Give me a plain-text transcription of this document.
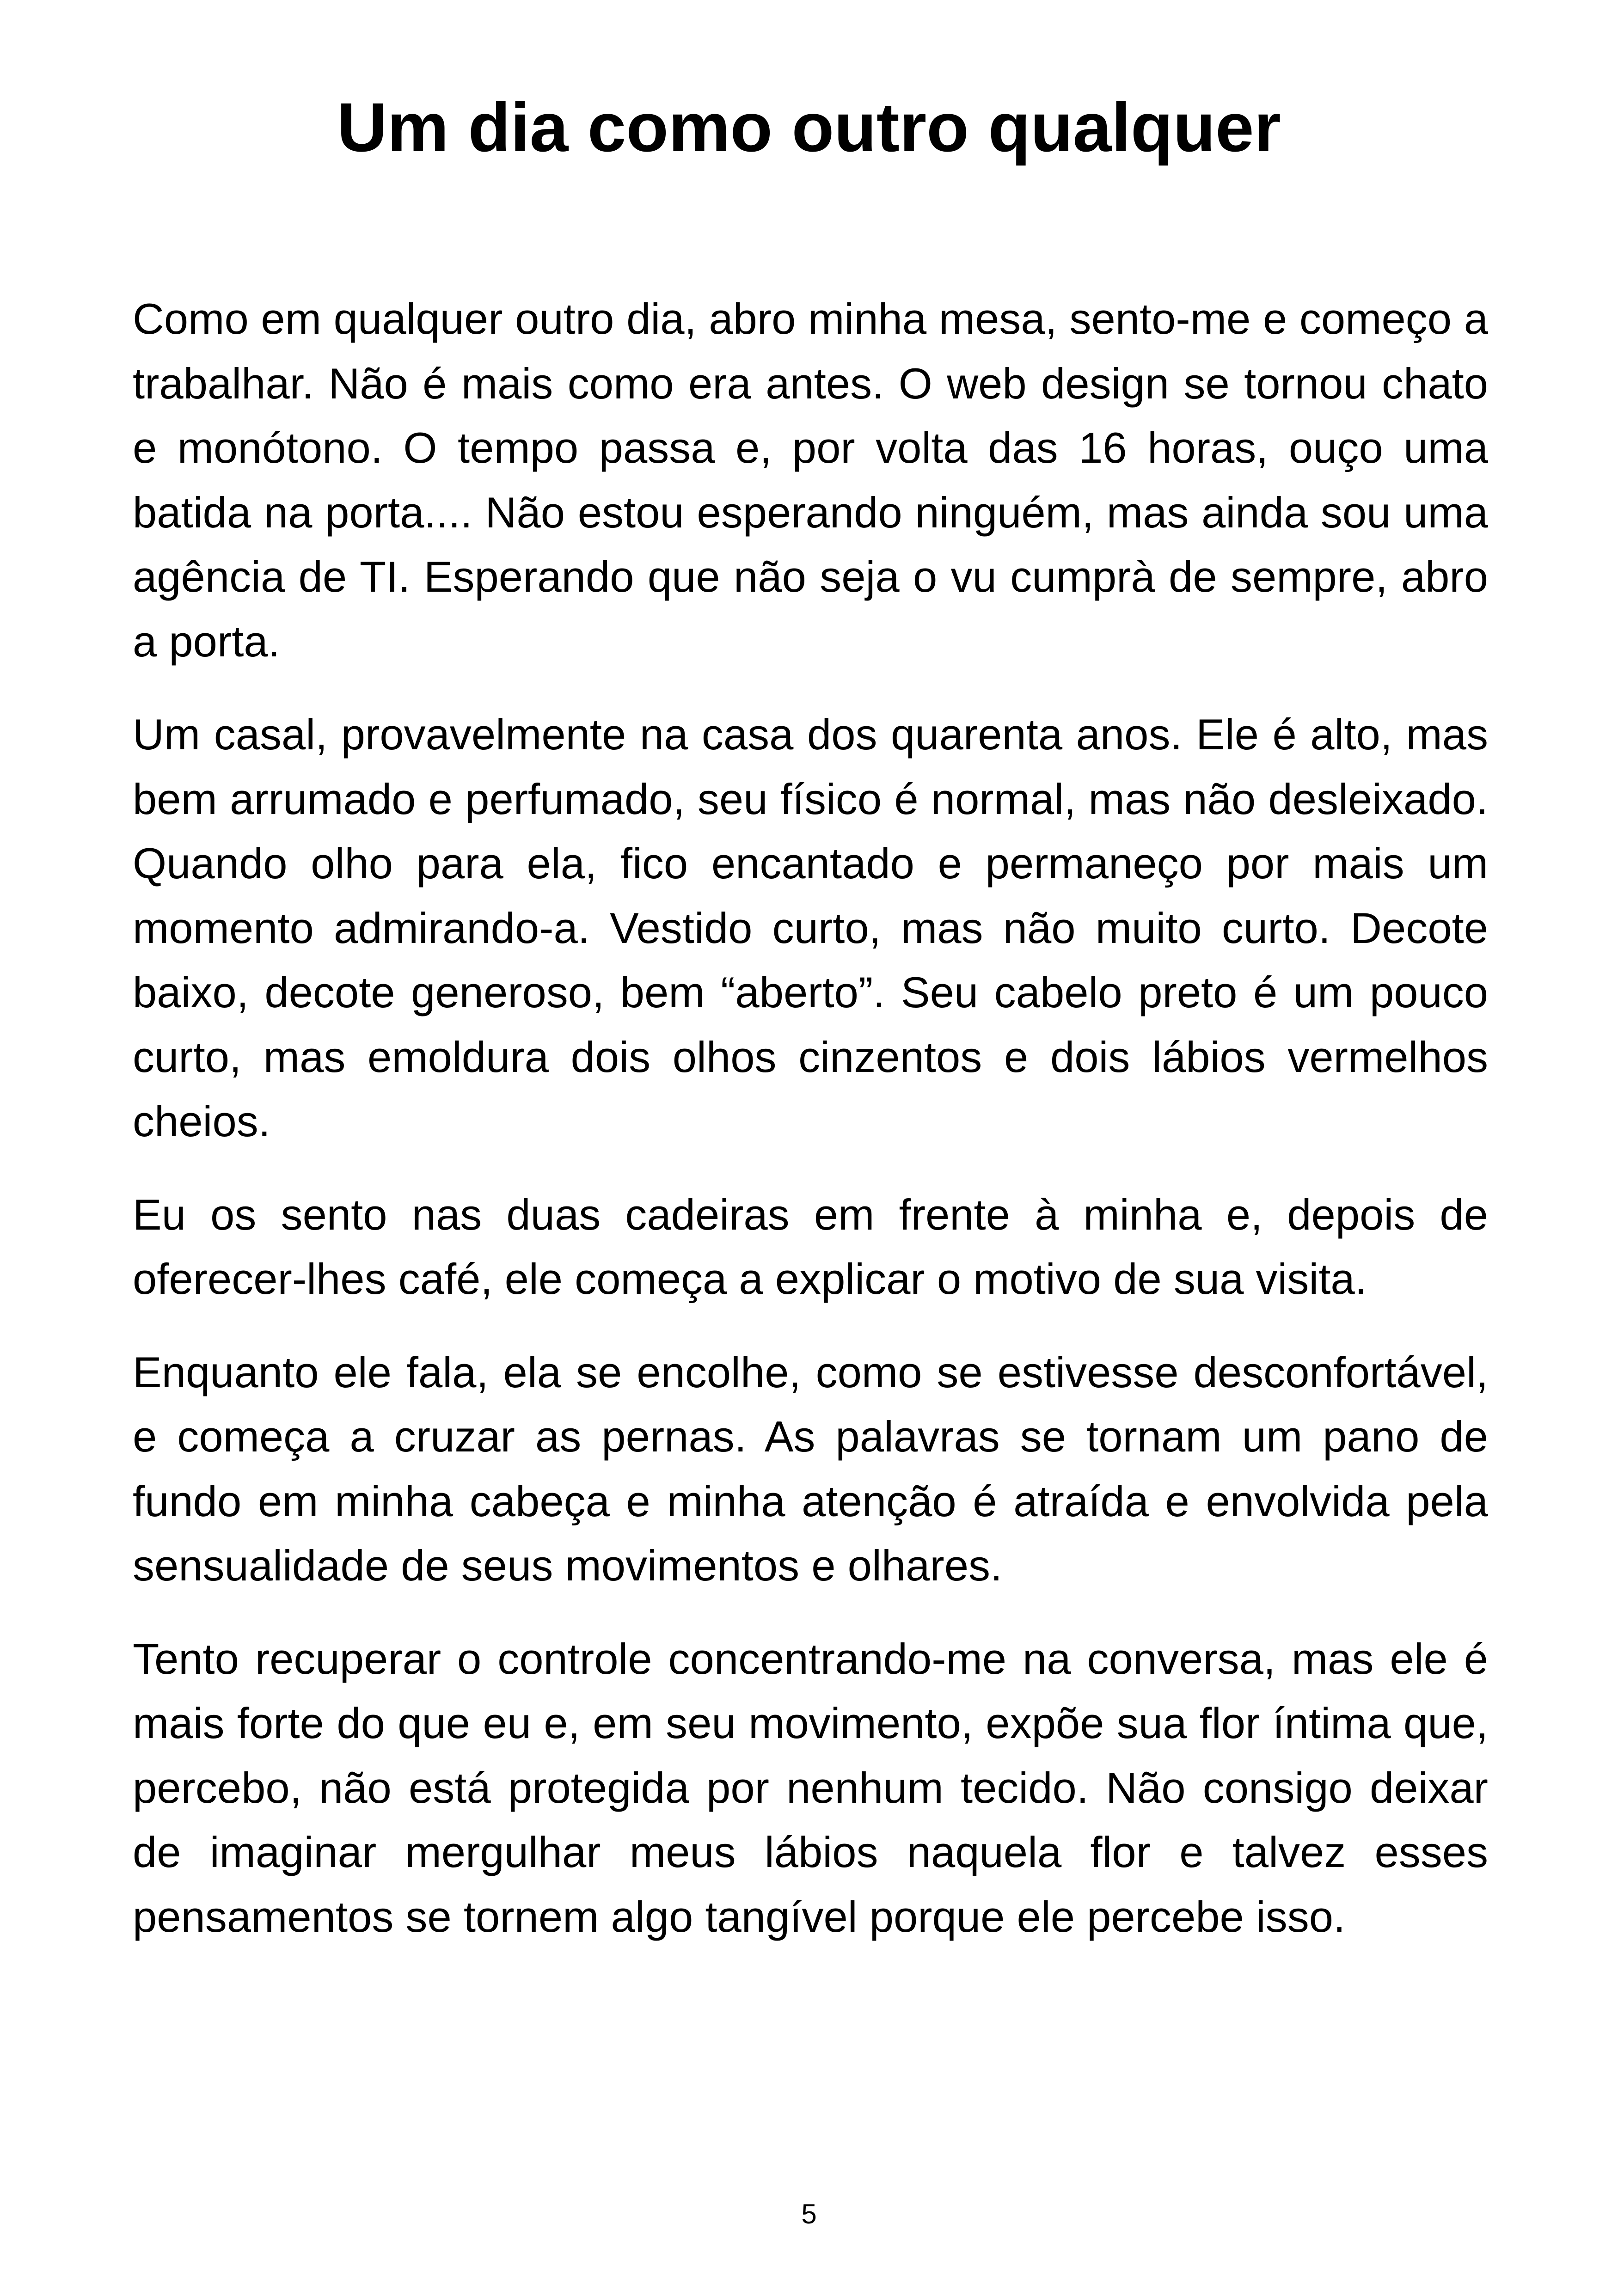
Um dia como outro qualquer

Como em qualquer outro dia, abro minha mesa, sento-me e começo a trabalhar. Não é mais como era antes. O web design se tornou chato e monótono. O tempo passa e, por volta das 16 horas, ouço uma batida na porta.... Não estou esperando ninguém, mas ainda sou uma agência de TI. Esperando que não seja o vu cumprà de sempre, abro a porta.

Um casal, provavelmente na casa dos quarenta anos. Ele é alto, mas bem arrumado e perfumado, seu físico é normal, mas não desleixado. Quando olho para ela, fico encantado e permaneço por mais um momento admirando-a. Vestido curto, mas não muito curto. Decote baixo, decote generoso, bem “aberto”. Seu cabelo preto é um pouco curto, mas emoldura dois olhos cinzentos e dois lábios vermelhos cheios.

Eu os sento nas duas cadeiras em frente à minha e, depois de oferecer-lhes café, ele começa a explicar o motivo de sua visita.

Enquanto ele fala, ela se encolhe, como se estivesse desconfortável, e começa a cruzar as pernas. As palavras se tornam um pano de fundo em minha cabeça e minha atenção é atraída e envolvida pela sensualidade de seus movimentos e olhares.

Tento recuperar o controle concentrando-me na conversa, mas ele é mais forte do que eu e, em seu movimento, expõe sua flor íntima que, percebo, não está protegida por nenhum tecido. Não consigo deixar de imaginar mergulhar meus lábios naquela flor e talvez esses pensamentos se tornem algo tangível porque ele percebe isso.

5
